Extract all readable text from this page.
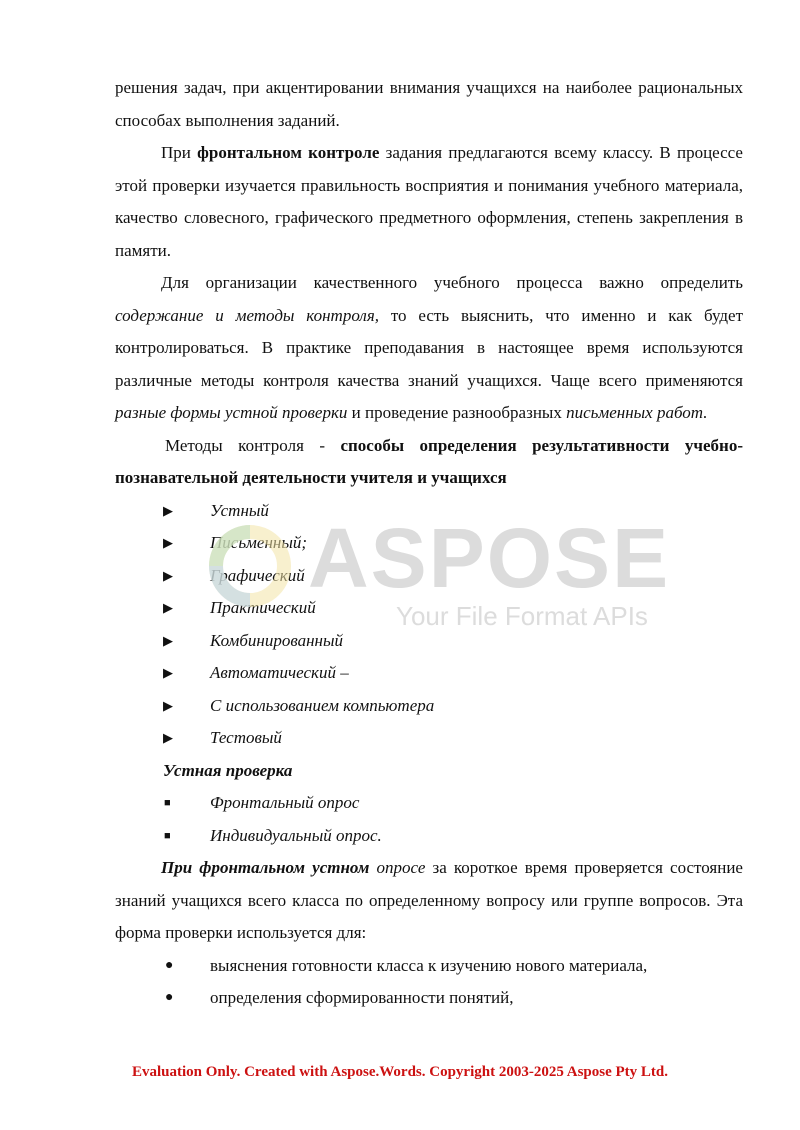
решения задач, при акцентировании внимания учащихся на наиболее рациональных способах выполнения заданий.

При фронтальном контроле задания предлагаются всему классу. В процессе этой проверки изучается правильность восприятия и понимания учебного материала, качество словесного, графического предметного оформления, степень закрепления в памяти.

Для организации качественного учебного процесса важно определить содержание и методы контроля, то есть выяснить, что именно и как будет контролироваться. В практике преподавания в настоящее время используются различные методы контроля качества знаний учащихся. Чаще всего применяются разные формы устной проверки и проведение разнообразных письменных работ.

Методы контроля - способы определения результативности учебно-познавательной деятельности учителя и учащихся

▶ Устный
▶ Письменный;
▶ Графический
▶ Практический
▶ Комбинированный
▶ Автоматический –
▶ С использованием компьютера
▶ Тестовый

Устная проверка

■ Фронтальный опрос
■ Индивидуальный опрос.

При фронтальном устном опросе за короткое время проверяется состояние знаний учащихся всего класса по определенному вопросу или группе вопросов. Эта форма проверки используется для:

● выяснения готовности класса к изучению нового материала,
● определения сформированности понятий,
ASPOSE
Your File Format APIs
Evaluation Only. Created with Aspose.Words. Copyright 2003-2025 Aspose Pty Ltd.
